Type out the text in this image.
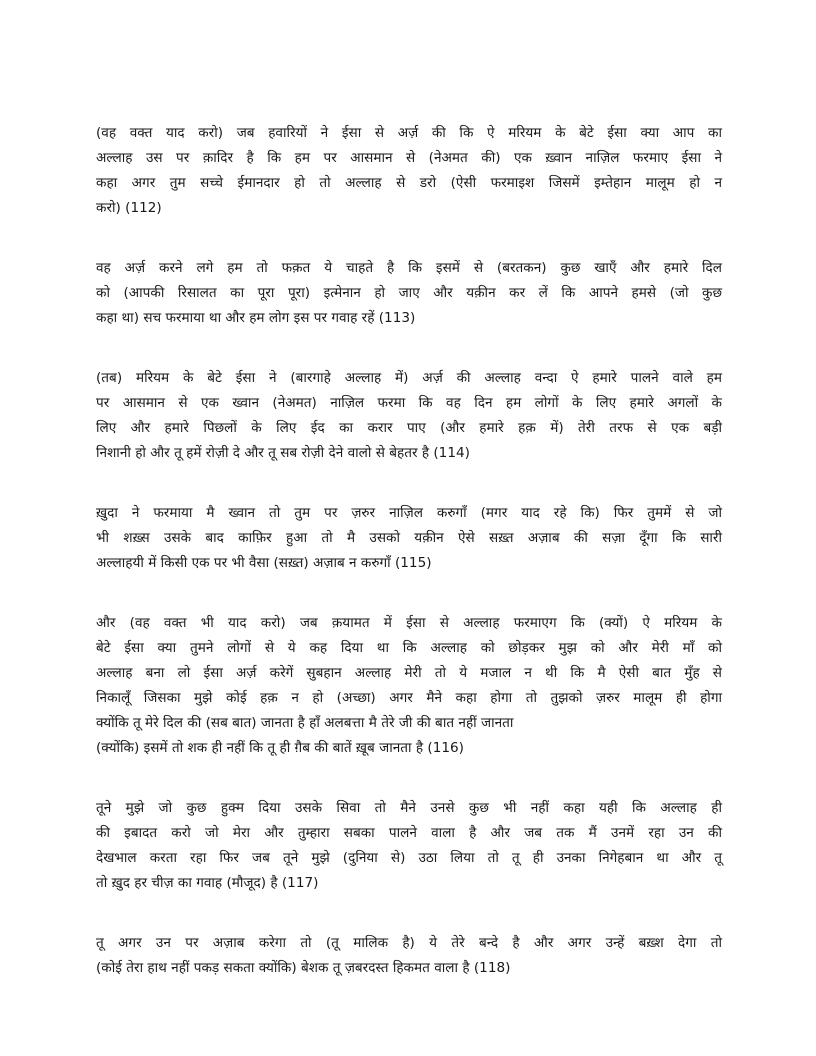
(वह वक्त याद करो) जब हवारियों ने ईसा से अर्ज़ की कि ऐ मरियम के बेटे ईसा क्या आप का
अल्लाह उस पर क़ादिर है कि हम पर आसमान से (नेअमत की) एक ख़्वान नाज़िल फरमाए ईसा ने
कहा अगर तुम सच्चे ईमानदार हो तो अल्लाह से डरो (ऐसी फरमाइश जिसमें इम्तेहान मालूम हो न
करो) (112)
वह अर्ज़ करने लगे हम तो फक़त ये चाहते है कि इसमें से (बरतकन) कुछ खाएँ और हमारे दिल
को (आपकी रिसालत का पूरा पूरा) इत्मेनान हो जाए और यक़ीन कर लें कि आपने हमसे (जो कुछ
कहा था) सच फरमाया था और हम लोग इस पर गवाह रहें (113)
(तब) मरियम के बेटे ईसा ने (बारगाहे अल्लाह में) अर्ज़ की अल्लाह वन्दा ऐ हमारे पालने वाले हम
पर आसमान से एक ख्वान (नेअमत) नाज़िल फरमा कि वह दिन हम लोगों के लिए हमारे अगलों के
लिए और हमारे पिछलों के लिए ईद का करार पाए (और हमारे हक़ में) तेरी तरफ से एक बड़ी
निशानी हो और तू हमें रोज़ी दे और तू सब रोज़ी देने वालो से बेहतर है (114)
ख़ुदा ने फरमाया मै ख्वान तो तुम पर ज़रुर नाज़िल करुगाँ (मगर याद रहे कि) फिर तुममें से जो
भी शख़्स उसके बाद काफ़िर हुआ तो मै उसको यक़ीन ऐसे सख़्त अज़ाब की सज़ा दूँगा कि सारी
अल्लाहयी में किसी एक पर भी वैसा (सख़्त) अज़ाब न करुगाँ (115)
और (वह वक्त भी याद करो) जब क़यामत में ईसा से अल्लाह फरमाएग कि (क्यों) ऐ मरियम के
बेटे ईसा क्या तुमने लोगों से ये कह दिया था कि अल्लाह को छोड़कर मुझ को और मेरी माँ को
अल्लाह बना लो ईसा अर्ज़ करेगें सुबहान अल्लाह मेरी तो ये मजाल न थी कि मै ऐसी बात मुँह से
निकालूँ जिसका मुझे कोई हक़ न हो (अच्छा) अगर मैने कहा होगा तो तुझको ज़रुर मालूम ही होगा
क्योंकि तू मेरे दिल की (सब बात) जानता है हाँ अलबत्ता मै तेरे जी की बात नहीं जानता
(क्योंकि) इसमें तो शक ही नहीं कि तू ही ग़ैब की बातें ख़ूब जानता है (116)
तूने मुझे जो कुछ हुक्म दिया उसके सिवा तो मैने उनसे कुछ भी नहीं कहा यही कि अल्लाह ही
की इबादत करो जो मेरा और तुम्हारा सबका पालने वाला है और जब तक मैं उनमें रहा उन की
देखभाल करता रहा फिर जब तूने मुझे (दुनिया से) उठा लिया तो तू ही उनका निगेहबान था और तू
तो ख़ुद हर चीज़ का गवाह (मौजूद) है (117)
तू अगर उन पर अज़ाब करेगा तो (तू मालिक है) ये तेरे बन्दे है और अगर उन्हें बख़्श देगा तो
(कोई तेरा हाथ नहीं पकड़ सकता क्योंकि) बेशक तू ज़बरदस्त हिकमत वाला है (118)
